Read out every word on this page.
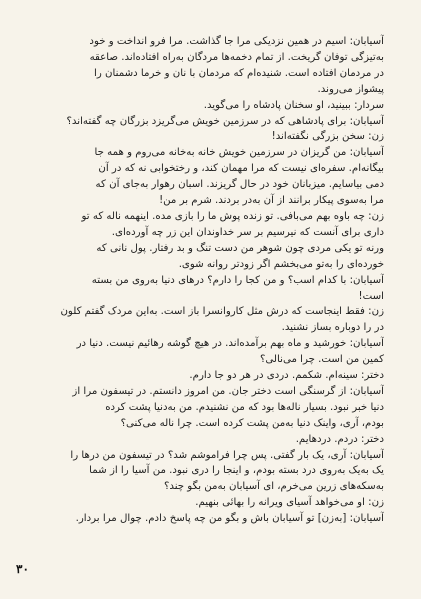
آسیابان: اسیم در همین نزدیکی مرا جا گذاشت. مرا فرو انداخت و خود
به‌تیزگی توفان گریخت. از تمام دخمه‌ها مردگان به‌راه افتاده‌اند. صاعقه
در مردمان افتاده است. شنیده‌ام که مردمان با نان و خرما دشمنان را
پیشواز می‌روند.
سردار: ببینید، او سخنان پادشاه را می‌گوید.
آسیابان: برای پادشاهی که در سرزمین خویش می‌گریزد بزرگان چه گفته‌اند؟
زن: سخن بزرگی نگفته‌اند!
آسیابان: من گریزان در سرزمین خویش خانه به‌خانه می‌روم و همه جا
بیگانه‌ام. سفره‌ای نیست که مرا مهمان کند، و رختخوابی نه که در آن
دمی بیاسایم. میزبانان خود در حال گریزند. اسبان رهوار به‌جای آن که
مرا به‌سوی پیکار برانند از آن به‌در بردند. شرم بر من!
زن: چه باوه بهم می‌بافی. تو زنده پوش ما را بازی مده. اینهمه ناله که تو
داری برای آنست که نیرسیم بر سر خداوندان این زر چه آورده‌ای.
ورنه تو یکی مردی چون شوهر من دست تنگ و بد رفتار. پول نانی که
خورده‌ای را به‌تو می‌بخشم اگر زودتر روانه شوی.
آسیابان: با کدام اسب؟ و من کجا را دارم؟ درهای دنیا به‌روی من بسته
است!
زن: فقط اینجاست که درش مثل کاروانسرا باز است. به‌این مردک گفتم کلون
در را دوباره بساز نشنید.
آسیابان: خورشید و ماه بهم برآمده‌اند. در هیچ گوشه رهائیم نیست. دنیا در
کمین من است. چرا می‌نالی؟
دختر: سینه‌ام. شکمم. دردی در هر دو جا دارم.
آسیابان: از گرسنگی است دختر جان. من امروز دانستم. در تیسفون مرا از
دنیا خبر نبود. بسیار ناله‌ها بود که من نشنیدم. من به‌دنیا پشت کرده
بودم، آری، واینک دنیا به‌من پشت کرده است. چرا ناله می‌کنی؟
دختر: دردم. دردهایم.
آسیابان: آری، یک بار گفتی. پس چرا فراموشم شد؟ در تیسفون من درها را
یک به‌یک به‌روی درد بسته بودم، و اینجا را دری نبود. من آسیا را از شما
به‌سکه‌های زرین می‌خرم، ای آسیابان به‌من بگو چند؟
زن: او می‌خواهد آسیای ویرانه را بهائی بنهیم.
آسیابان: [به‌زن] تو آسیابان باش و بگو من چه پاسخ دادم. چوال مرا بردار.
۳۰
